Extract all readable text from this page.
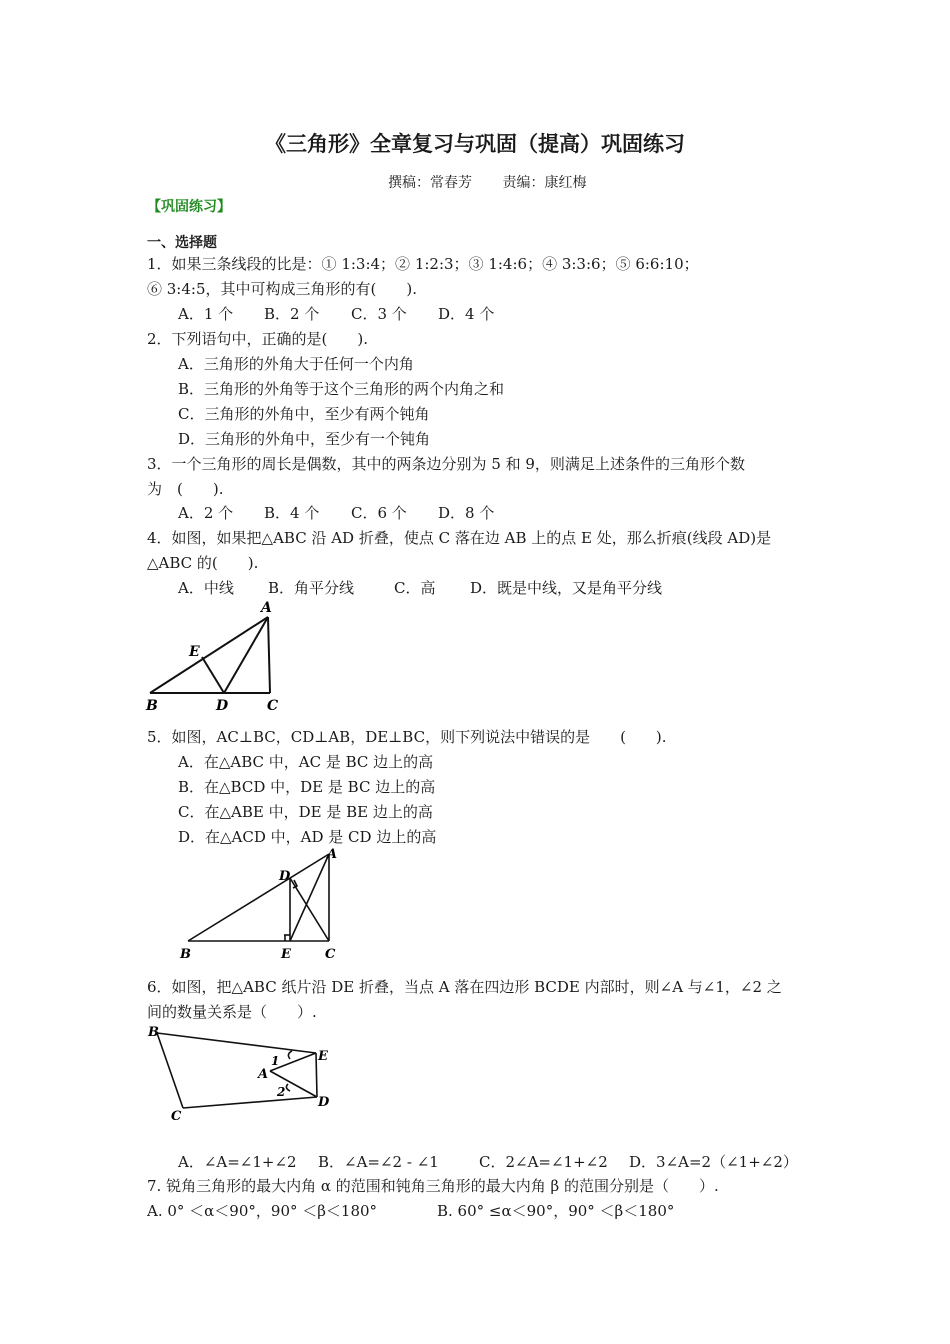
《三角形》全章复习与巩固（提高）巩固练习
撰稿：常春芳 责编：康红梅
【巩固练习】
一、选择题
1．如果三条线段的比是：① 1:3:4；② 1:2:3；③ 1:4:6；④ 3:3:6；⑤ 6:6:10；
⑥ 3:4:5，其中可构成三角形的有(　　).
A．1 个 B．2 个 C．3 个 D．4 个
2．下列语句中，正确的是(　　).
A．三角形的外角大于任何一个内角
B．三角形的外角等于这个三角形的两个内角之和
C．三角形的外角中，至少有两个钝角
D．三角形的外角中，至少有一个钝角
3．一个三角形的周长是偶数，其中的两条边分别为 5 和 9，则满足上述条件的三角形个数
为　(　　).
A．2 个 B．4 个 C．6 个 D．8 个
4．如图，如果把△ABC 沿 AD 折叠，使点 C 落在边 AB 上的点 E 处，那么折痕(线段 AD)是
△ABC 的(　　).
A．中线 B．角平分线	C．高 D．既是中线，又是角平分线
A
E
B	D	C
5．如图，AC⊥BC，CD⊥AB，DE⊥BC，则下列说法中错误的是　　(　　).
A．在△ABC 中，AC 是 BC 边上的高
B．在△BCD 中，DE 是 BC 边上的高
C．在△ABE 中，DE 是 BE 边上的高
D．在△ACD 中，AD 是 CD 边上的高
A
D
B	E	C
6．如图，把△ABC 纸片沿 DE 折叠，当点 A 落在四边形 BCDE 内部时，则∠A 与∠1，∠2 之
间的数量关系是（　　）.
B
E
1
A
2
D
C
A．∠A=∠1+∠2 B．∠A=∠2 - ∠1	C．2∠A=∠1+∠2 D．3∠A=2（∠1+∠2）
7. 锐角三角形的最大内角 α 的范围和钝角三角形的最大内角 β 的范围分别是（　　）.
A. 0° ＜α＜90°，90° ＜β＜180°	B. 60° ≤α＜90°，90° ＜β＜180°
